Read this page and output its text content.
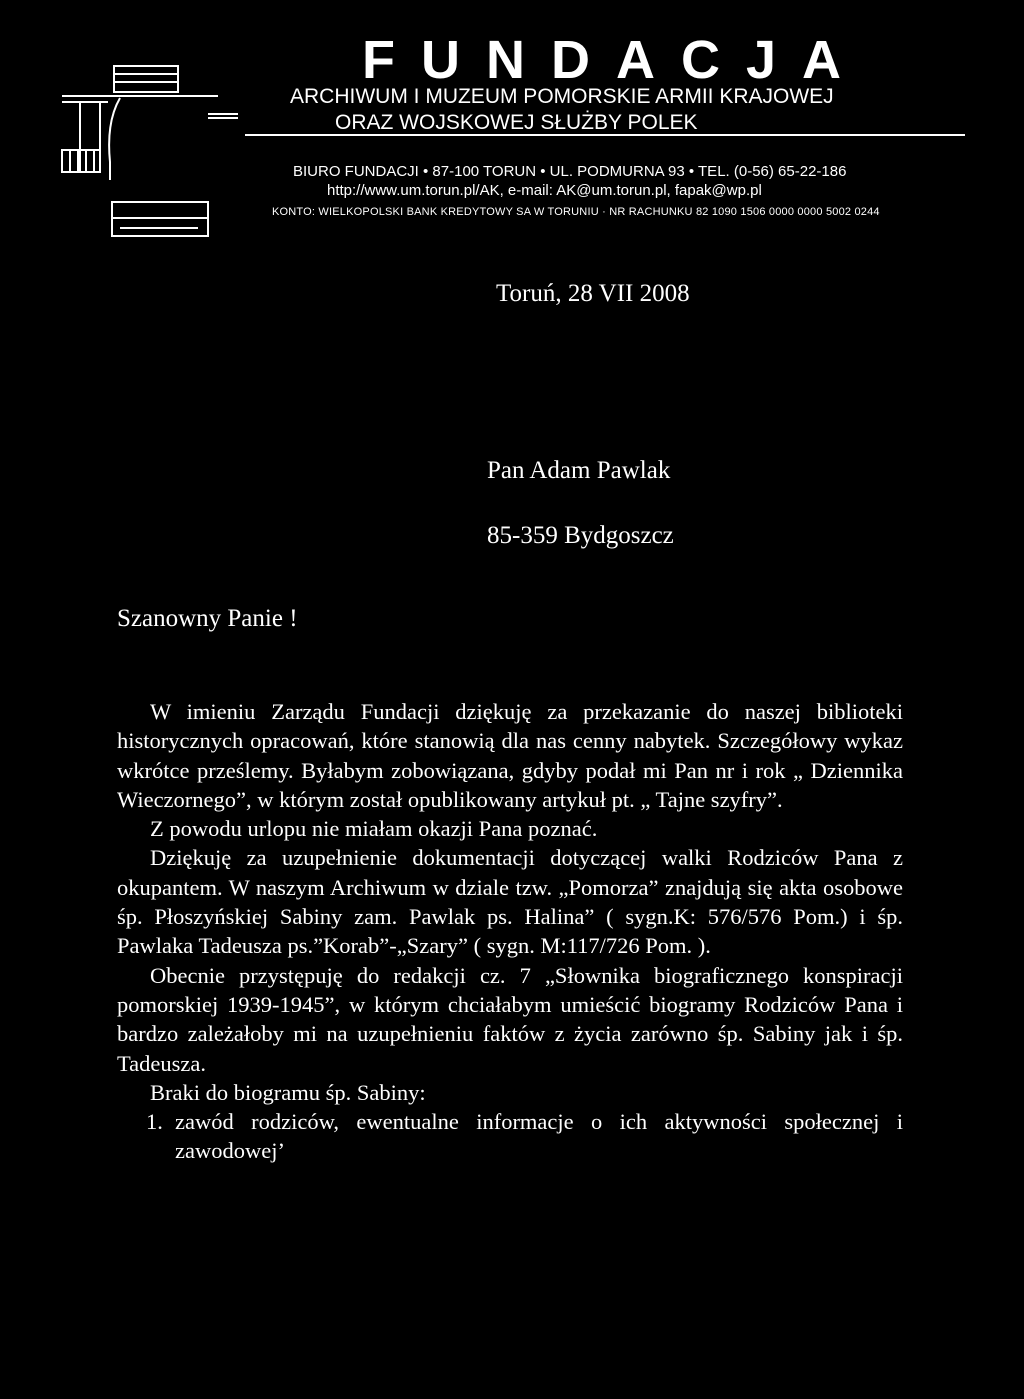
FUNDACJA
ARCHIWUM I MUZEUM POMORSKIE ARMII KRAJOWEJ
ORAZ WOJSKOWEJ SŁUŻBY POLEK
BIURO FUNDACJI • 87-100 TORUN • UL. PODMURNA 93 • TEL. (0-56) 65-22-186
http://www.um.torun.pl/AK, e-mail: AK@um.torun.pl, fapak@wp.pl
KONTO: WIELKOPOLSKI BANK KREDYTOWY SA W TORUNIU · NR RACHUNKU 82 1090 1506 0000 0000 5002 0244
Toruń, 28 VII 2008
Pan Adam Pawlak
85-359 Bydgoszcz
Szanowny Panie !

W imieniu Zarządu Fundacji dziękuję za przekazanie do naszej biblioteki historycznych opracowań, które stanowią dla nas cenny nabytek. Szczegółowy wykaz wkrótce prześlemy. Byłabym zobowiązana, gdyby podał mi Pan nr i rok „ Dziennika Wieczornego”, w którym został opublikowany artykuł pt. „ Tajne szyfry”.

Z powodu urlopu nie miałam okazji Pana poznać.

Dziękuję za uzupełnienie dokumentacji dotyczącej walki Rodziców Pana z okupantem. W naszym Archiwum w dziale tzw. „Pomorza” znajdują się akta osobowe śp. Płoszyńskiej Sabiny zam. Pawlak ps. Halina” ( sygn.K: 576/576 Pom.) i śp. Pawlaka Tadeusza ps.”Korab”-„Szary” ( sygn. M:117/726 Pom. ).

Obecnie przystępuję do redakcji cz. 7 „Słownika biograficznego konspiracji pomorskiej 1939-1945”, w którym chciałabym umieścić biogramy Rodziców Pana i bardzo zależałoby mi na uzupełnieniu faktów z życia zarówno śp. Sabiny jak i śp. Tadeusza.

Braki do biogramu śp. Sabiny:

1. zawód rodziców, ewentualne informacje o ich aktywności społecznej i zawodowej’
